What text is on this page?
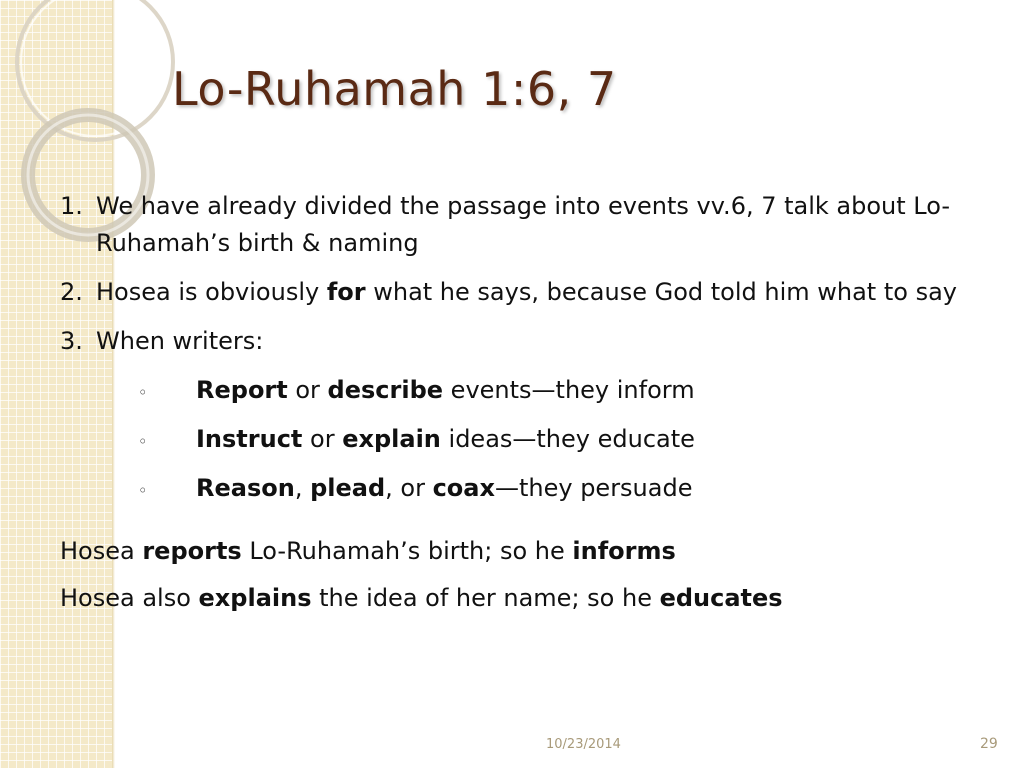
Lo-Ruhamah 1:6, 7
1. We have already divided the passage into events vv.6, 7 talk about Lo-Ruhamah’s birth & naming
2. Hosea is obviously for what he says, because God told him what to say
3. When writers:
◦	Report or describe events—they inform
◦	Instruct or explain ideas—they educate
◦	Reason, plead, or coax—they persuade
Hosea reports Lo-Ruhamah’s birth; so he informs
Hosea also explains the idea of her name; so he educates
10/23/2014	29
